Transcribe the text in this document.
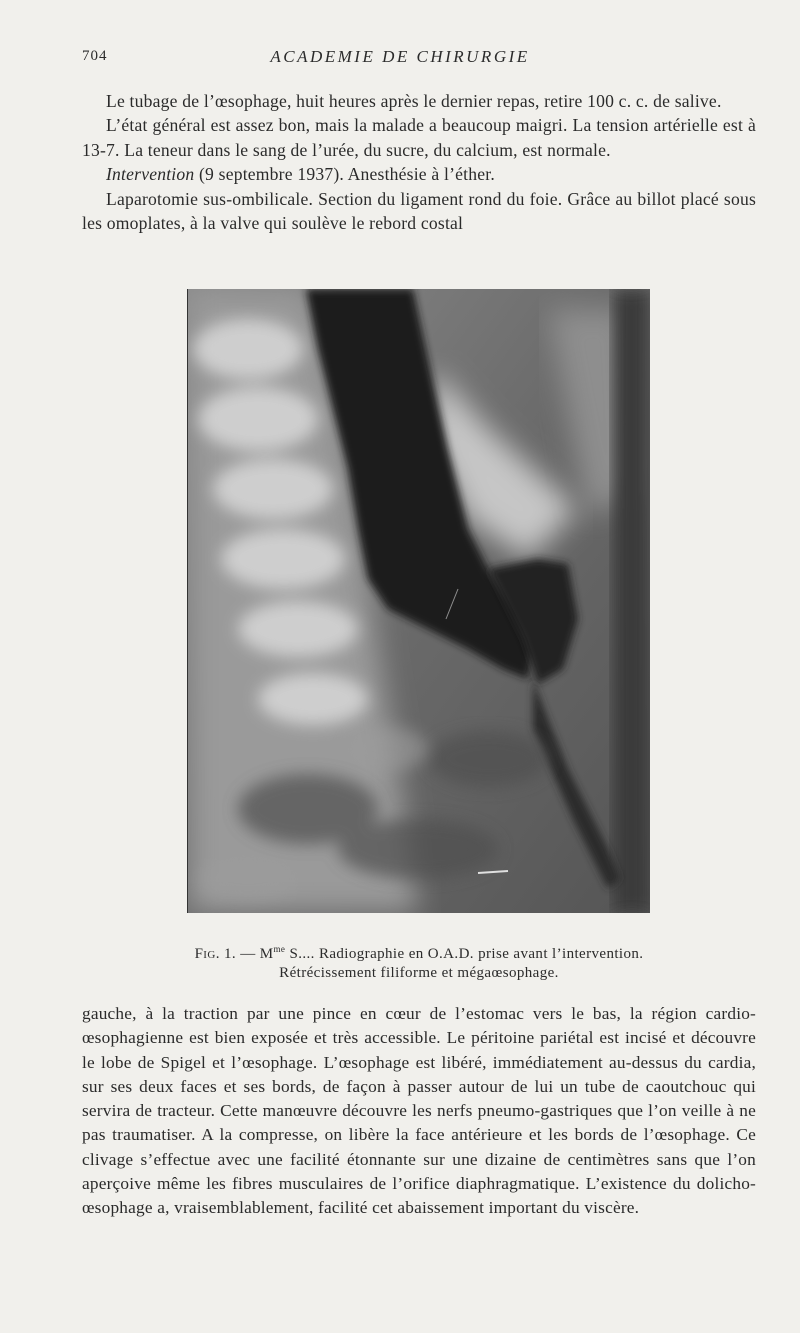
704	ACADEMIE DE CHIRURGIE

Le tubage de l’œsophage, huit heures après le dernier repas, retire 100 c. c. de salive.

L’état général est assez bon, mais la malade a beaucoup maigri. La tension artérielle est à 13-7. La teneur dans le sang de l’urée, du sucre, du calcium, est normale.

Intervention (9 septembre 1937). Anesthésie à l’éther.

Laparotomie sus-ombilicale. Section du ligament rond du foie. Grâce au billot placé sous les omoplates, à la valve qui soulève le rebord costal

Fig. 1. — $M^{me}$ S.... Radiographie en O.A.D. prise avant l’intervention.
Rétrécissement filiforme et mégaœsophage.

gauche, à la traction par une pince en cœur de l’estomac vers le bas, la région cardio-œsophagienne est bien exposée et très accessible. Le péritoine pariétal est incisé et découvre le lobe de Spigel et l’œsophage. L’œsophage est libéré, immédiatement au-dessus du cardia, sur ses deux faces et ses bords, de façon à passer autour de lui un tube de caoutchouc qui servira de tracteur. Cette manœuvre découvre les nerfs pneumo-gastriques que l’on veille à ne pas traumatiser. A la compresse, on libère la face antérieure et les bords de l’œsophage. Ce clivage s’effectue avec une facilité étonnante sur une dizaine de centimètres sans que l’on aperçoive même les fibres musculaires de l’orifice diaphragmatique. L’existence du dolicho-œsophage a, vraisemblablement, facilité cet abaissement important du viscère.
